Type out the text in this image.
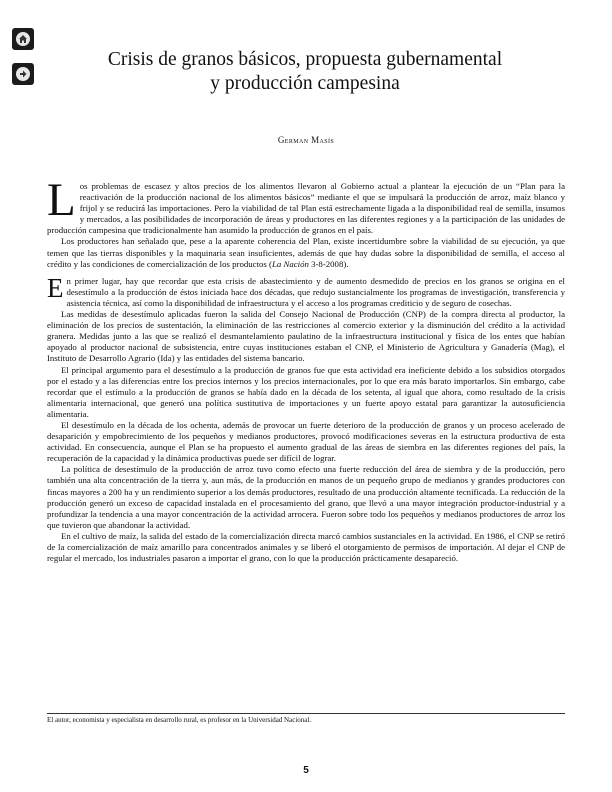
Crisis de granos básicos, propuesta gubernamental
y producción campesina
German Masís

Los problemas de escasez y altos precios de los alimentos llevaron al Gobierno actual a plantear la ejecución de un “Plan para la reactivación de la producción nacional de los alimentos básicos” mediante el que se impulsará la producción de arroz, maíz blanco y frijol y se reducirá las importaciones. Pero la viabilidad de tal Plan está estrechamente ligada a la disponibilidad real de semilla, insumos y mercados, a las posibilidades de incorporación de áreas y productores en las diferentes regiones y a la participación de las unidades de producción campesina que tradicionalmente han asumido la producción de granos en el país.

Los productores han señalado que, pese a la aparente coherencia del Plan, existe incertidumbre sobre la viabilidad de su ejecución, ya que temen que las tierras disponibles y la maquinaria sean insuficientes, además de que hay dudas sobre la disponibilidad de semilla, el acceso al crédito y las condiciones de comercialización de los productos (La Nación 3-8-2008).

En primer lugar, hay que recordar que esta crisis de abastecimiento y de aumento desmedido de precios en los granos se origina en el desestímulo a la producción de éstos iniciada hace dos décadas, que redujo sustancialmente los programas de investigación, transferencia y asistencia técnica, así como la disponibilidad de infraestructura y el acceso a los programas crediticio y de seguro de cosechas.

Las medidas de desestímulo aplicadas fueron la salida del Consejo Nacional de Producción (CNP) de la compra directa al productor, la eliminación de los precios de sustentación, la eliminación de las restricciones al comercio exterior y la disminución del crédito a la actividad granera. Medidas junto a las que se realizó el desmantelamiento paulatino de la infraestructura institucional y física de los entes que habían apoyado al productor nacional de subsistencia, entre cuyas instituciones estaban el CNP, el Ministerio de Agricultura y Ganadería (Mag), el Instituto de Desarrollo Agrario (Ida) y las entidades del sistema bancario.

El principal argumento para el desestímulo a la producción de granos fue que esta actividad era ineficiente debido a los subsidios otorgados por el estado y a las diferencias entre los precios internos y los precios internacionales, por lo que era más barato importarlos. Sin embargo, cabe recordar que el estímulo a la producción de granos se había dado en la década de los setenta, al igual que ahora, como resultado de la crisis alimentaria internacional, que generó una política sustitutiva de importaciones y un fuerte apoyo estatal para garantizar la autosuficiencia alimentaria.

El desestímulo en la década de los ochenta, además de provocar un fuerte deterioro de la producción de granos y un proceso acelerado de desaparición y empobrecimiento de los pequeños y medianos productores, provocó modificaciones severas en la estructura productiva de esta actividad. En consecuencia, aunque el Plan se ha propuesto el aumento gradual de las áreas de siembra en las diferentes regiones del país, la recuperación de la capacidad y la dinámica productivas puede ser difícil de lograr.

La política de desestímulo de la producción de arroz tuvo como efecto una fuerte reducción del área de siembra y de la producción, pero también una alta concentración de la tierra y, aun más, de la producción en manos de un pequeño grupo de medianos y grandes productores con fincas mayores a 200 ha y un rendimiento superior a los demás productores, resultado de una producción altamente tecnificada. La reducción de la producción generó un exceso de capacidad instalada en el procesamiento del grano, que llevó a una mayor integración productor-industrial y a profundizar la tendencia a una mayor concentración de la actividad arrocera. Fueron sobre todo los pequeños y medianos productores de arroz los que tuvieron que abandonar la actividad.

En el cultivo de maíz, la salida del estado de la comercialización directa marcó cambios sustanciales en la actividad. En 1986, el CNP se retiró de la comercialización de maíz amarillo para concentrados animales y se liberó el otorgamiento de permisos de importación. Al dejar el CNP de regular el mercado, los industriales pasaron a importar el grano, con lo que la producción prácticamente desapareció.

El autor, economista y especialista en desarrollo rural, es profesor en la Universidad Nacional.
5
